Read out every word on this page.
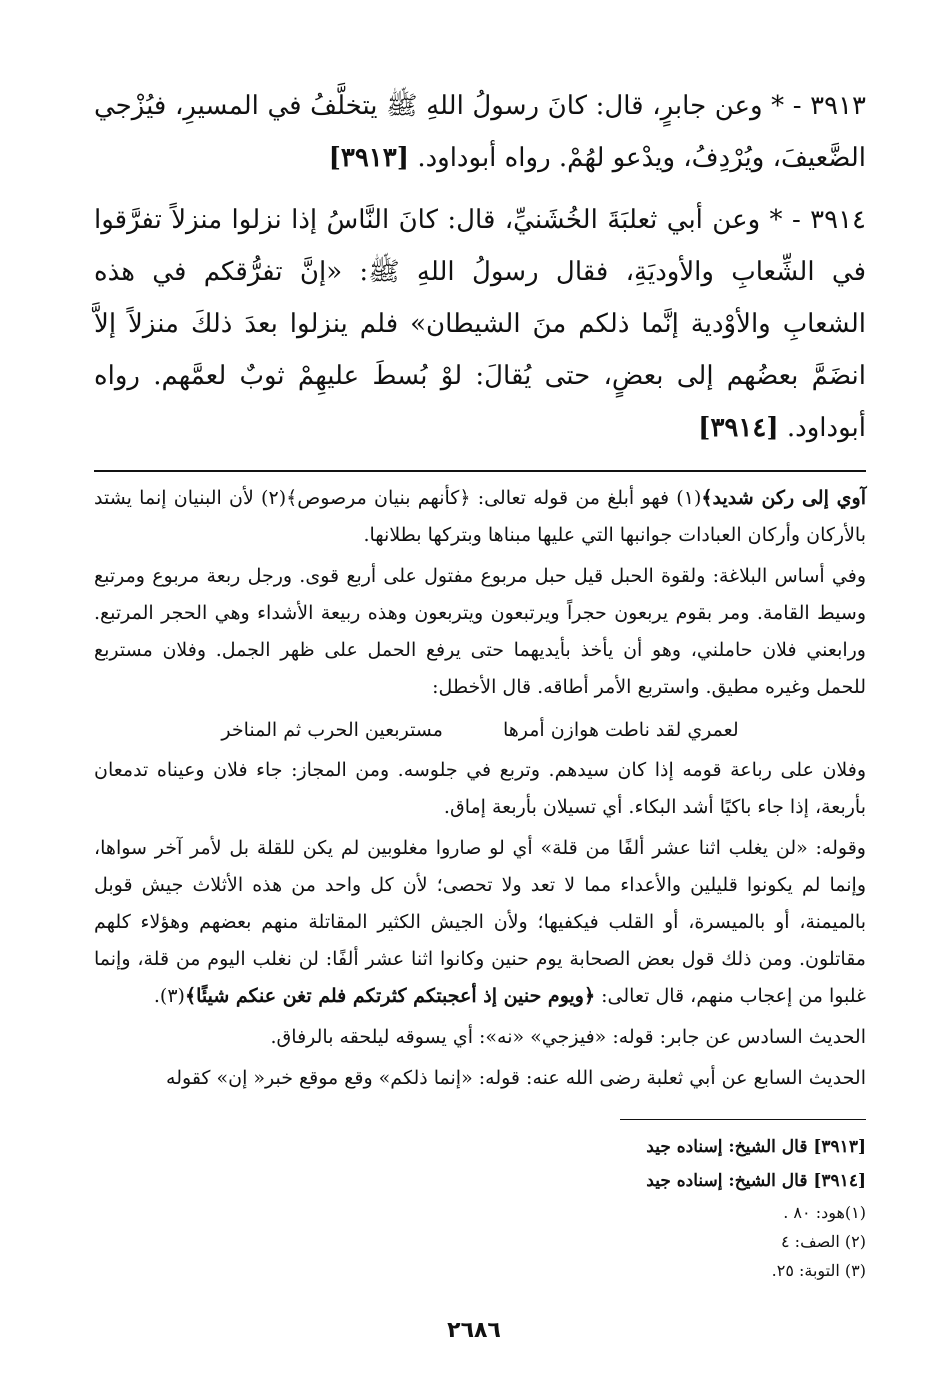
٣٩١٣ - * وعن جابرٍ، قال: كانَ رسولُ اللهِ ﷺ يتخلَّفُ في المسيرِ، فيُزْجي الضَّعيفَ، ويُرْدِفُ، ويدْعو لهُمْ. رواه أبوداود. [٣٩١٣]

٣٩١٤ - * وعن أبي ثعلبَةَ الخُشَنيِّ، قال: كانَ النَّاسُ إذا نزلوا منزلاً تفرَّقوا في الشِّعابِ والأوديَةِ، فقال رسولُ اللهِ ﷺ: «إنَّ تفرُّقكم في هذه الشعابِ والأوْدية إنَّما ذلكم منَ الشيطان» فلم ينزلوا بعدَ ذلكَ منزلاً إلاَّ انضَمَّ بعضُهم إلى بعضٍ، حتى يُقالَ: لوْ بُسطَ عليهِمْ ثوبٌ لعمَّهم. رواه أبوداود. [٣٩١٤]

آوي إلى ركن شديد﴾(١) فهو أبلغ من قوله تعالى: ﴿كأنهم بنيان مرصوص﴾(٢) لأن البنيان إنما يشتد بالأركان وأركان العبادات جوانبها التي عليها مبناها وبتركها بطلانها.

وفي أساس البلاغة: ولقوة الحبل قيل حبل مربوع مفتول على أربع قوى. ورجل ربعة مربوع ومرتبع وسيط القامة. ومر بقوم يربعون حجراً ويرتبعون ويتربعون وهذه ربيعة الأشداء وهي الحجر المرتبع. ورابعني فلان حاملني، وهو أن يأخذ بأيديهما حتى يرفع الحمل على ظهر الجمل. وفلان مستربع للحمل وغيره مطيق. واستربع الأمر أطاقه. قال الأخطل:

لعمري لقد ناطت هوازن أمرها
مستربعين الحرب ثم المناخر

وفلان على رباعة قومه إذا كان سيدهم. وتربع في جلوسه. ومن المجاز: جاء فلان وعيناه تدمعان بأربعة، إذا جاء باكيًا أشد البكاء. أي تسيلان بأربعة إماق.

وقوله: «لن يغلب اثنا عشر ألفًا من قلة» أي لو صاروا مغلوبين لم يكن للقلة بل لأمر آخر سواها، وإنما لم يكونوا قليلين والأعداء مما لا تعد ولا تحصى؛ لأن كل واحد من هذه الأثلاث جيش قوبل بالميمنة، أو بالميسرة، أو القلب فيكفيها؛ ولأن الجيش الكثير المقاتلة منهم بعضهم وهؤلاء كلهم مقاتلون. ومن ذلك قول بعض الصحابة يوم حنين وكانوا اثنا عشر ألفًا: لن نغلب اليوم من قلة، وإنما غلبوا من إعجاب منهم، قال تعالى: ﴿ويوم حنين إذ أعجبتكم كثرتكم فلم تغن عنكم شيئًا﴾(٣).

الحديث السادس عن جابر: قوله: «فيزجي» «نه»: أي يسوقه ليلحقه بالرفاق.

الحديث السابع عن أبي ثعلبة رضى الله عنه: قوله: «إنما ذلكم» وقع موقع خبر« إن» كقوله

[٣٩١٣] قال الشيخ: إسناده جيد
[٣٩١٤] قال الشيخ: إسناده جيد
(١)هود: ٨٠ .
(٢) الصف: ٤
(٣) التوبة: ٢٥.
٢٦٨٦
